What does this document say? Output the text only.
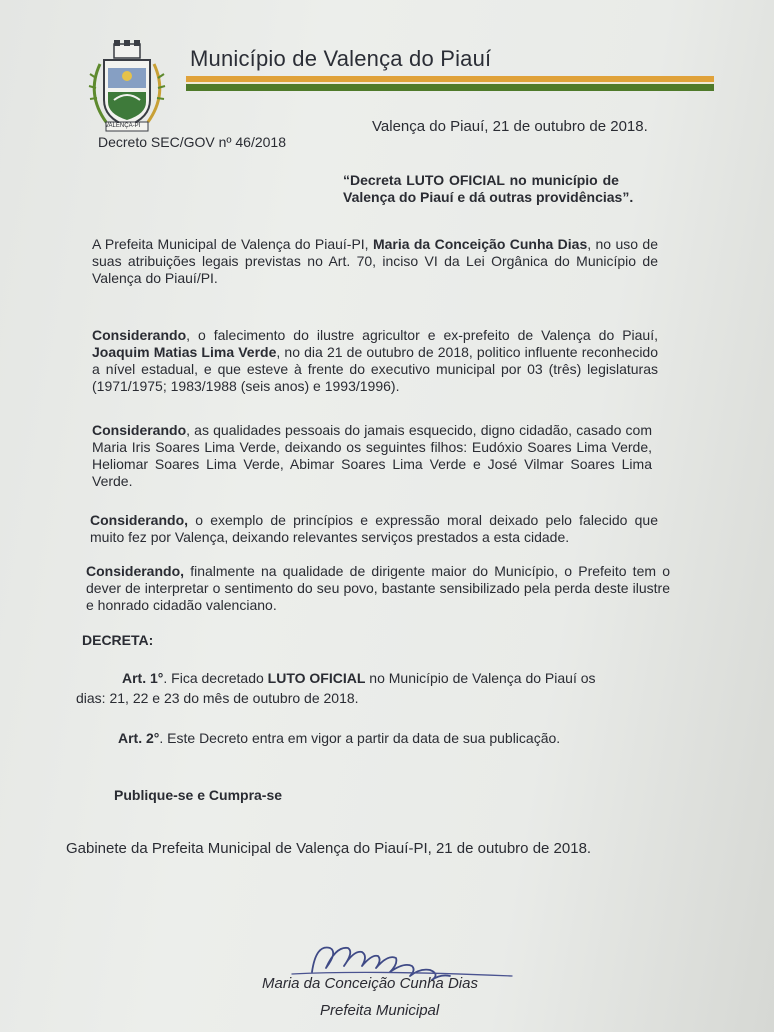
VALENÇA-PI
Município de Valença do Piauí
Decreto SEC/GOV nº 46/2018
Valença do Piauí, 21 de outubro de 2018.
“Decreta LUTO OFICIAL no município de
Valença do Piauí e dá outras providências”.
A Prefeita Municipal de Valença do Piauí-PI, Maria da Conceição Cunha Dias, no uso de suas atribuições legais previstas no Art. 70, inciso VI da Lei Orgânica do Município de Valença do Piauí/PI.
Considerando, o falecimento do ilustre agricultor e ex-prefeito de Valença do Piauí, Joaquim Matias Lima Verde, no dia 21 de outubro de 2018, politico influente reconhecido a nível estadual, e que esteve à frente do executivo municipal por 03 (três) legislaturas (1971/1975; 1983/1988 (seis anos) e 1993/1996).
Considerando, as qualidades pessoais do jamais esquecido, digno cidadão, casado com Maria Iris Soares Lima Verde, deixando os seguintes filhos: Eudóxio Soares Lima Verde, Heliomar Soares Lima Verde, Abimar Soares Lima Verde e José Vilmar Soares Lima Verde.
Considerando, o exemplo de princípios e expressão moral deixado pelo falecido que muito fez por Valença, deixando relevantes serviços prestados a esta cidade.
Considerando, finalmente na qualidade de dirigente maior do Município, o Prefeito tem o dever de interpretar o sentimento do seu povo, bastante sensibilizado pela perda deste ilustre e honrado cidadão valenciano.
DECRETA:
Art. 1°. Fica decretado LUTO OFICIAL no Município de Valença do Piauí os
dias: 21, 22 e 23 do mês de outubro de 2018.
Art. 2°. Este Decreto entra em vigor a partir da data de sua publicação.
Publique-se e Cumpra-se
Gabinete da Prefeita Municipal de Valença do Piauí-PI, 21 de outubro de 2018.
Maria da Conceição Cunha Dias
Prefeita Municipal
